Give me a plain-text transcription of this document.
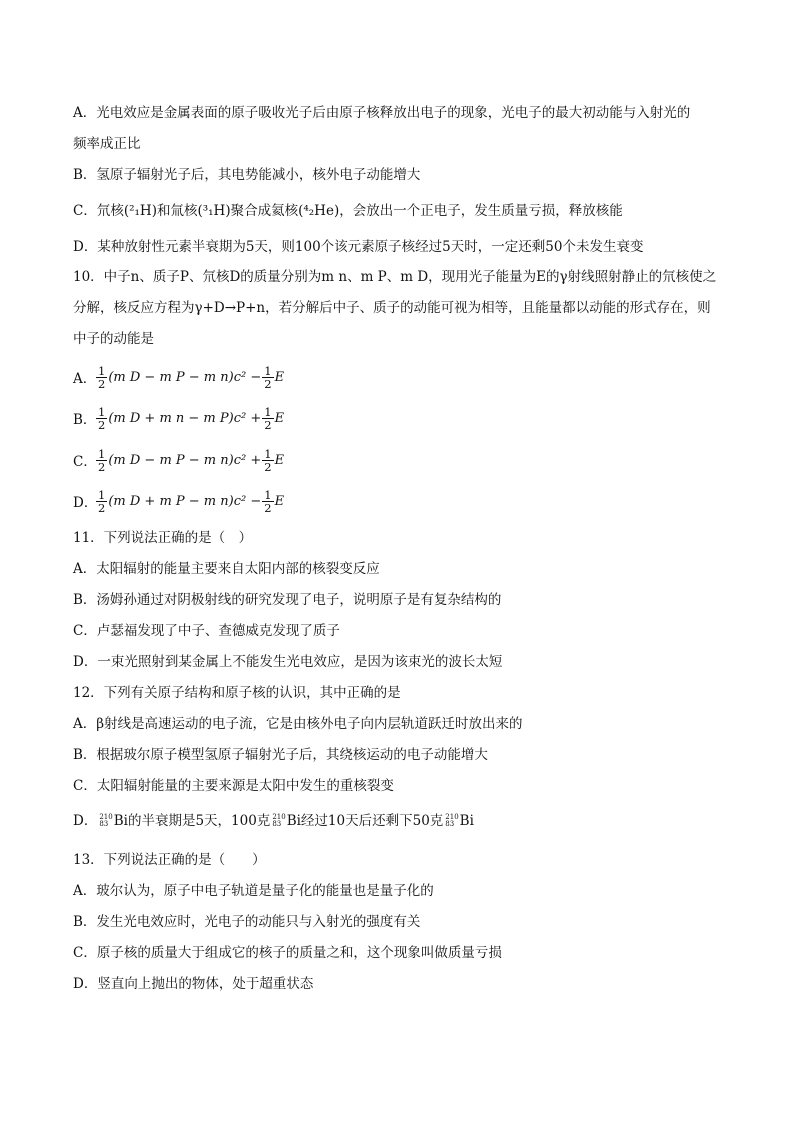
A．光电效应是金属表面的原子吸收光子后由原子核释放出电子的现象，光电子的最大初动能与入射光的
频率成正比
B．氢原子辐射光子后，其电势能减小，核外电子动能增大
C．氘核(²₁H)和氚核(³₁H)聚合成氦核(⁴₂He)，会放出一个正电子，发生质量亏损，释放核能
D．某种放射性元素半衰期为5天，则100个该元素原子核经过5天时，一定还剩50个未发生衰变
10．中子n、质子P、氘核D的质量分别为m n、m P、m D，现用光子能量为E的γ射线照射静止的氘核使之分解，核反应方程为γ+D→P+n，若分解后中子、质子的动能可视为相等，且能量都以动能的形式存在，则中子的动能是
A． $\frac{1}{2} (m$ D − m P − m $n)c^2 - \frac{1}{2}$ E
B． $\frac{1}{2} (m$ D + m n − m $P)c^2 + \frac{1}{2}$ E
C． $\frac{1}{2} (m$ D − m P − m $n)c^2 + \frac{1}{2}$ E
D．
$\frac{1}{2} (m$ D + m P − m $n)c^2 - \frac{1}{2}$ E
11．下列说法正确的是（　）
A．太阳辐射的能量主要来自太阳内部的核裂变反应
B．汤姆孙通过对阴极射线的研究发现了电子，说明原子是有复杂结构的
C．卢瑟福发现了中子、查德威克发现了质子
D．一束光照射到某金属上不能发生光电效应，是因为该束光的波长太短
12．下列有关原子结构和原子核的认识，其中正确的是
A．β射线是高速运动的电子流，它是由核外电子向内层轨道跃迁时放出来的
B．根据玻尔原子模型氢原子辐射光子后，其绕核运动的电子动能增大
C．太阳辐射能量的主要来源是太阳中发生的重核裂变
D． 210
83 Bi的半衰期是5天，100克 210
83 Bi经过10天后还剩下50克 210
83 Bi
13．下列说法正确的是（　　）
A．玻尔认为，原子中电子轨道是量子化的能量也是量子化的
B．发生光电效应时，光电子的动能只与入射光的强度有关
C．原子核的质量大于组成它的核子的质量之和，这个现象叫做质量亏损
D．竖直向上抛出的物体，处于超重状态
